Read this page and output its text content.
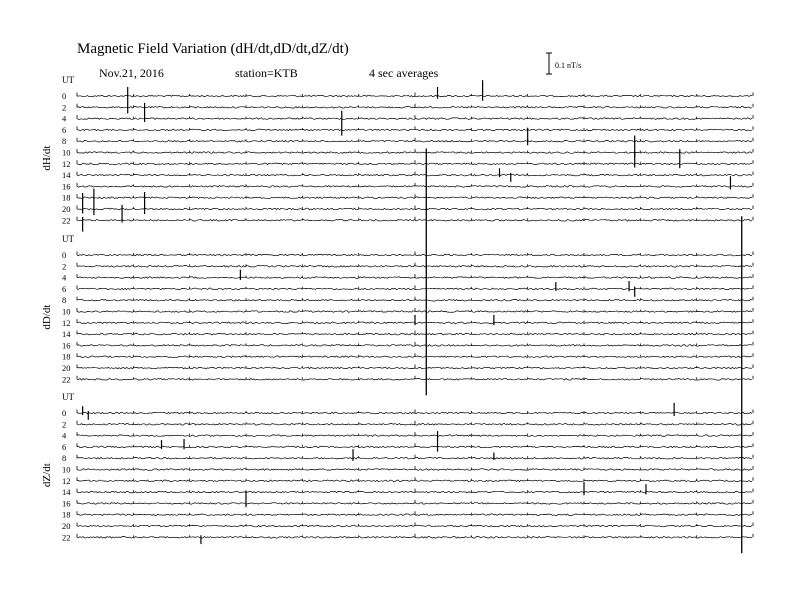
Magnetic Field Variation (dH/dt,dD/dt,dZ/dt)
Nov.21, 2016	station=KTB	4 sec averages
0.1 nT/s
UT
dH/dt
0
2
4
6
8
10
12
14
16
18
20
22
UT
dD/dt
0
2
4
6
8
10
12
14
16
18
20
22
UT
dZ/dt
0
2
4
6
8
10
12
14
16
18
20
22
